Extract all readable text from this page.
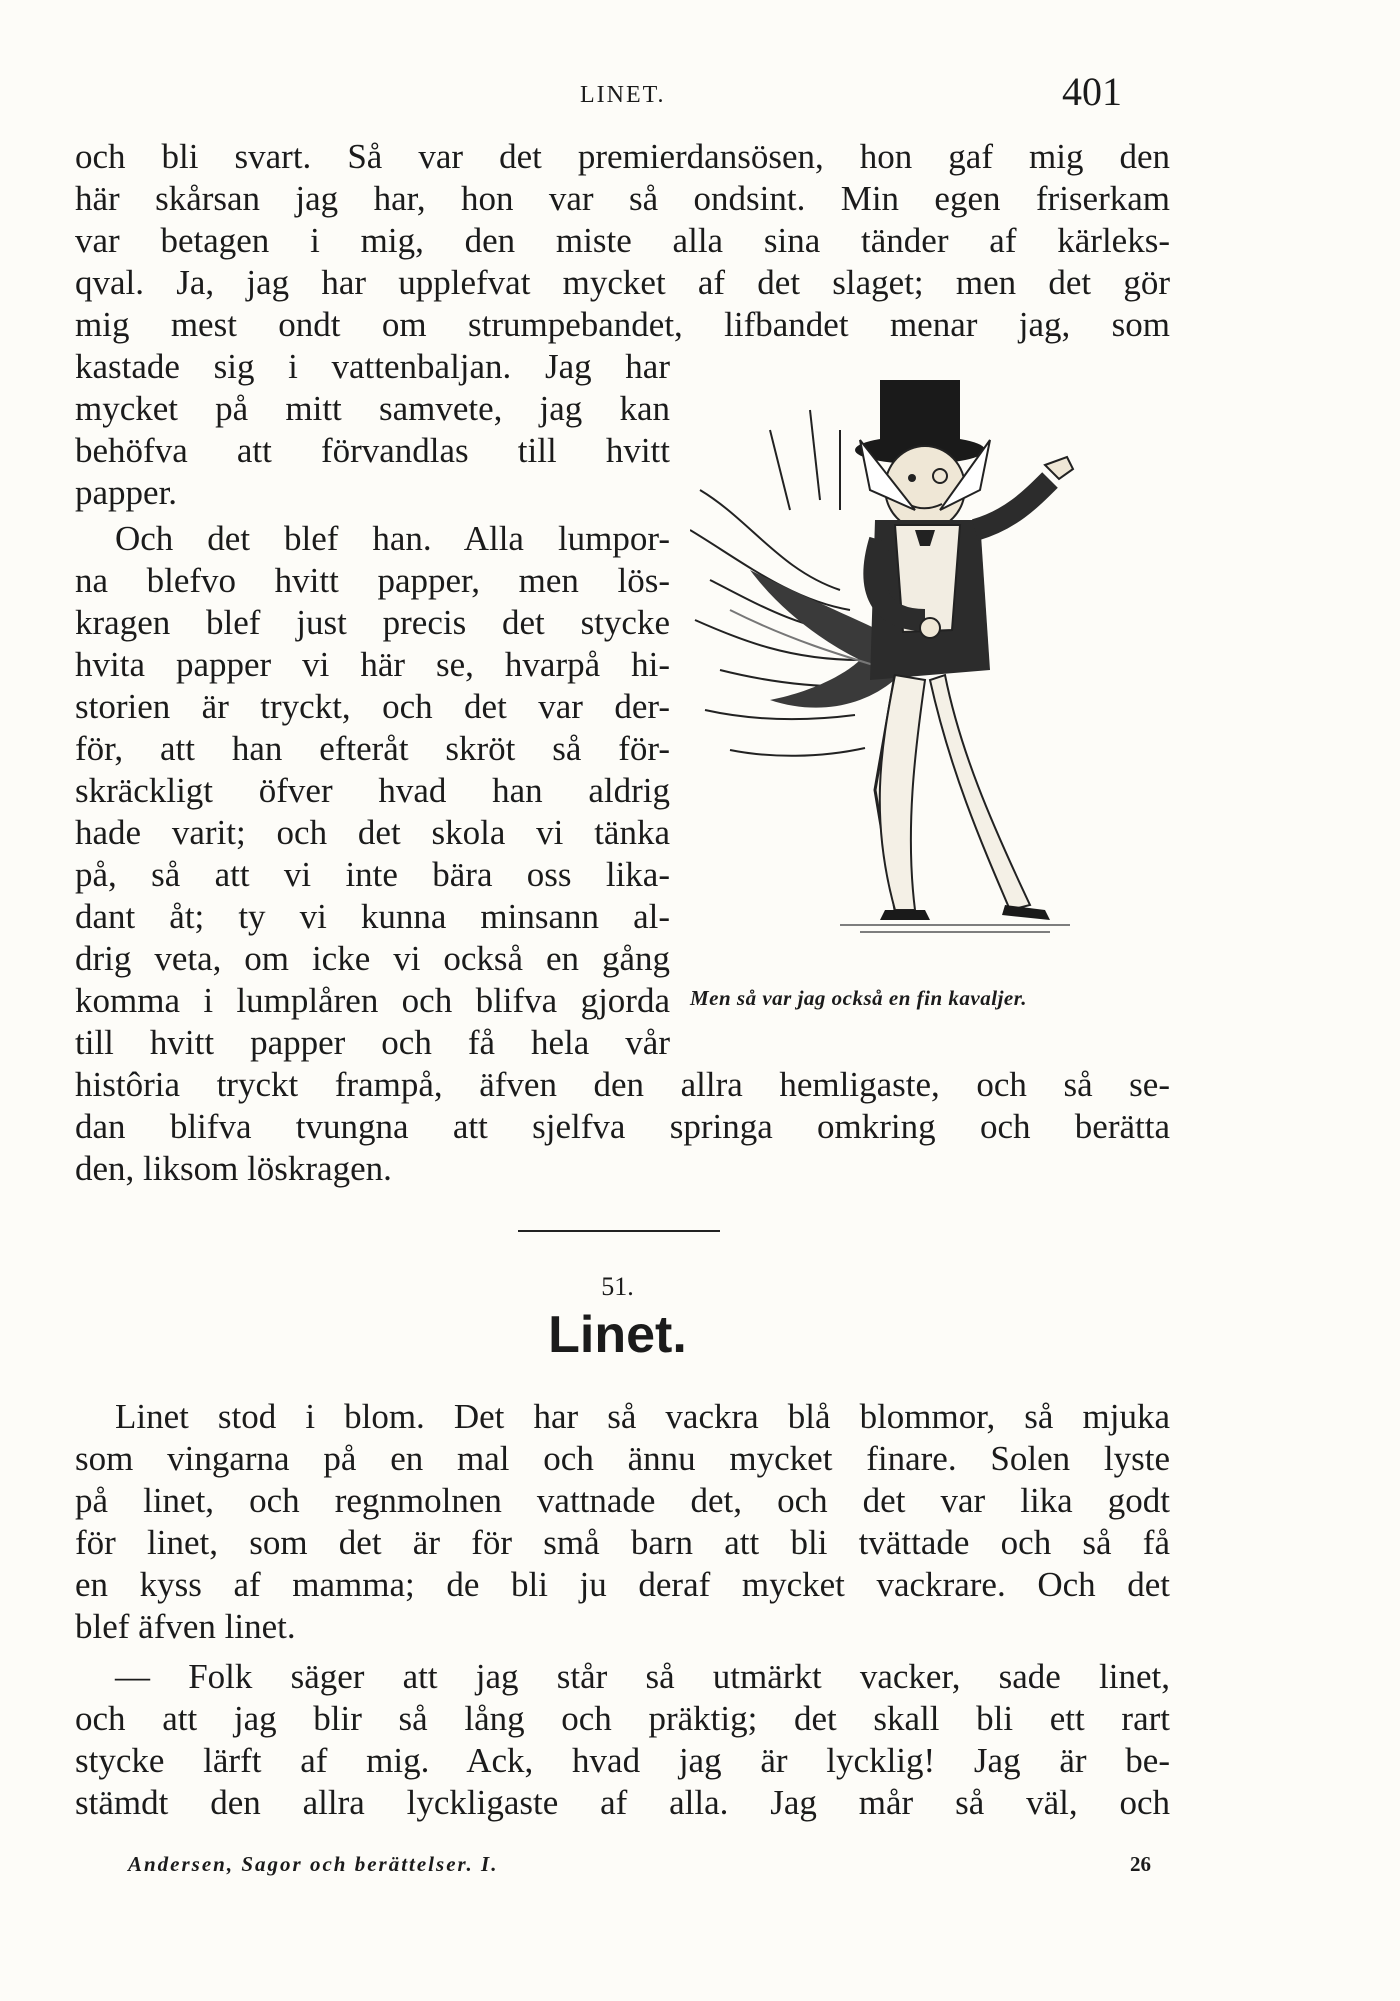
LINET.	401
och bli svart. Så var det premierdansösen, hon gaf mig den
här skårsan jag har, hon var så ondsint. Min egen friserkam
var betagen i mig, den miste alla sina tänder af kärleks-
qval. Ja, jag har upplefvat mycket af det slaget; men det gör
mig mest ondt om strumpebandet, lifbandet menar jag, som
kastade sig i vattenbaljan. Jag har
mycket på mitt samvete, jag kan
behöfva att förvandlas till hvitt
papper.
Och det blef han. Alla lumpor-
na blefvo hvitt papper, men lös-
kragen blef just precis det stycke
hvita papper vi här se, hvarpå hi-
storien är tryckt, och det var der-
för, att han efteråt skröt så för-
skräckligt öfver hvad han aldrig
hade varit; och det skola vi tänka
på, så att vi inte bära oss lika-
dant åt; ty vi kunna minsann al-
drig veta, om icke vi också en gång
komma i lumplåren och blifva gjorda
till hvitt papper och få hela vår
histôria tryckt frampå, äfven den allra hemligaste, och så se-
dan blifva tvungna att sjelfva springa omkring och berätta
den, liksom löskragen.
Men så var jag också en fin kavaljer.
51.
Linet.
Linet stod i blom. Det har så vackra blå blommor, så mjuka
som vingarna på en mal och ännu mycket finare. Solen lyste
på linet, och regnmolnen vattnade det, och det var lika godt
för linet, som det är för små barn att bli tvättade och så få
en kyss af mamma; de bli ju deraf mycket vackrare. Och det
blef äfven linet.
— Folk säger att jag står så utmärkt vacker, sade linet,
och att jag blir så lång och präktig; det skall bli ett rart
stycke lärft af mig. Ack, hvad jag är lycklig! Jag är be-
stämdt den allra lyckligaste af alla. Jag mår så väl, och
Andersen, Sagor och berättelser. I.	26
